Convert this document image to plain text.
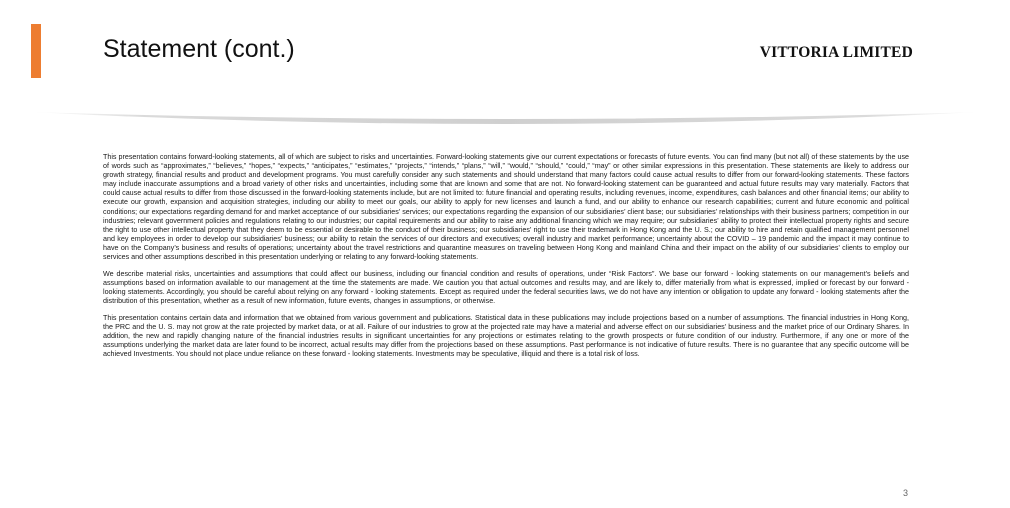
Statement (cont.)	VITTORIA LIMITED

This presentation contains forward-looking statements, all of which are subject to risks and uncertainties. Forward-looking statements give our current expectations or forecasts of future events. You can find many (but not all) of these statements by the use of words such as “approximates,” “believes,” “hopes,” “expects,” “anticipates,” “estimates,” “projects,” “intends,” “plans,” “will,” “would,” “should,” “could,” “may” or other similar expressions in this presentation. These statements are likely to address our growth strategy, financial results and product and development programs. You must carefully consider any such statements and should understand that many factors could cause actual results to differ from our forward-looking statements. These factors may include inaccurate assumptions and a broad variety of other risks and uncertainties, including some that are known and some that are not. No forward-looking statement can be guaranteed and actual future results may vary materially. Factors that could cause actual results to differ from those discussed in the forward-looking statements include, but are not limited to: future financial and operating results, including revenues, income, expenditures, cash balances and other financial items; our ability to execute our growth, expansion and acquisition strategies, including our ability to meet our goals, our ability to apply for new licenses and launch a fund, and our ability to enhance our research capabilities; current and future economic and political conditions; our expectations regarding demand for and market acceptance of our subsidiaries’ services; our expectations regarding the expansion of our subsidiaries’ client base; our subsidiaries’ relationships with their business partners; competition in our industries; relevant government policies and regulations relating to our industries; our capital requirements and our ability to raise any additional financing which we may require; our subsidiaries’ ability to protect their intellectual property rights and secure the right to use other intellectual property that they deem to be essential or desirable to the conduct of their business; our subsidiaries’ right to use their trademark in Hong Kong and the U. S.; our ability to hire and retain qualified management personnel and key employees in order to develop our subsidiaries’ business; our ability to retain the services of our directors and executives; overall industry and market performance; uncertainty about the COVID – 19 pandemic and the impact it may continue to have on the Company’s business and results of operations; uncertainty about the travel restrictions and quarantine measures on traveling between Hong Kong and mainland China and their impact on the ability of our subsidiaries’ clients to employ our services and other assumptions described in this presentation underlying or relating to any forward-looking statements.

We describe material risks, uncertainties and assumptions that could affect our business, including our financial condition and results of operations, under “Risk Factors”. We base our forward - looking statements on our management’s beliefs and assumptions based on information available to our management at the time the statements are made. We caution you that actual outcomes and results may, and are likely to, differ materially from what is expressed, implied or forecast by our forward - looking statements. Accordingly, you should be careful about relying on any forward - looking statements. Except as required under the federal securities laws, we do not have any intention or obligation to update any forward - looking statements after the distribution of this presentation, whether as a result of new information, future events, changes in assumptions, or otherwise.

This presentation contains certain data and information that we obtained from various government and publications. Statistical data in these publications may include projections based on a number of assumptions. The financial industries in Hong Kong, the PRC and the U. S. may not grow at the rate projected by market data, or at all. Failure of our industries to grow at the projected rate may have a material and adverse effect on our subsidiaries’ business and the market price of our Ordinary Shares. In addition, the new and rapidly changing nature of the financial industries results in significant uncertainties for any projections or estimates relating to the growth prospects or future condition of our industry. Furthermore, if any one or more of the assumptions underlying the market data are later found to be incorrect, actual results may differ from the projections based on these assumptions. Past performance is not indicative of future results. There is no guarantee that any specific outcome will be achieved Investments. You should not place undue reliance on these forward - looking statements. Investments may be speculative, illiquid and there is a total risk of loss.

3
